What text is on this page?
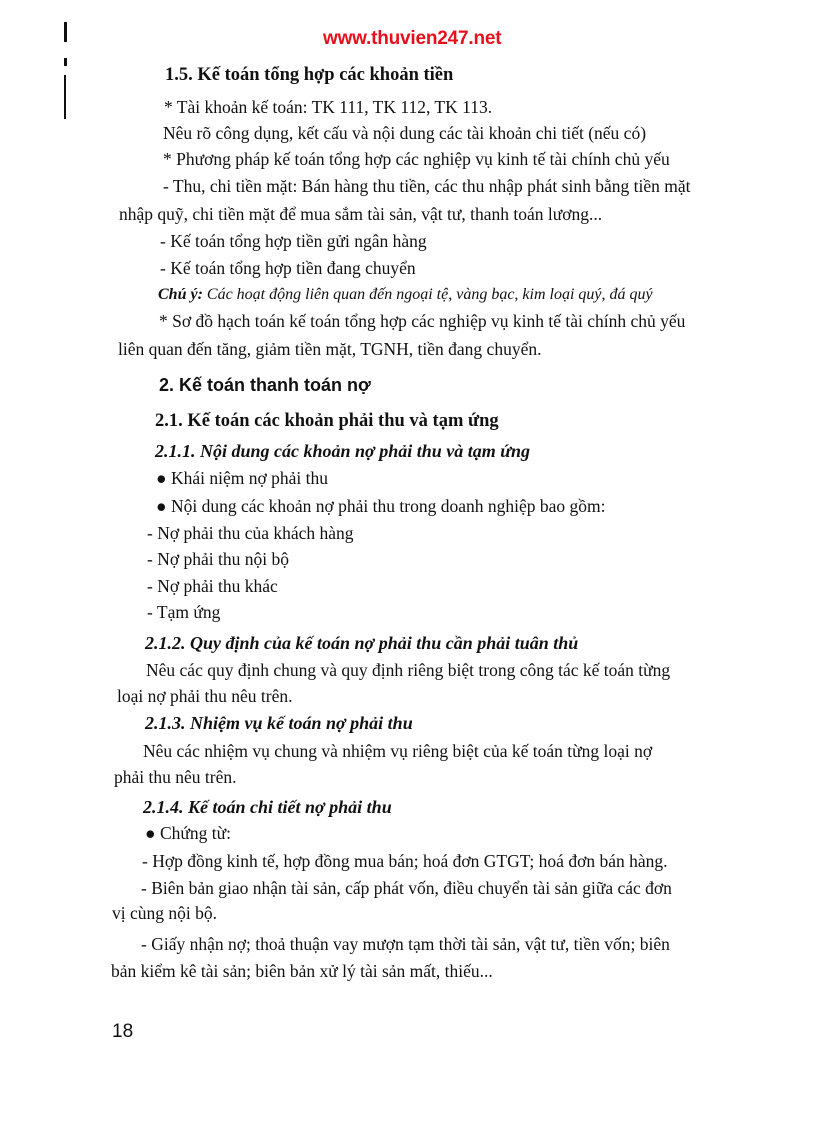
www.thuvien247.net
1.5. Kế toán tổng hợp các khoản tiền
* Tài khoản kế toán: TK 111, TK 112, TK 113.
Nêu rõ công dụng, kết cấu và nội dung các tài khoản chi tiết (nếu có)
* Phương pháp kế toán tổng hợp các nghiệp vụ kinh tế tài chính chủ yếu
- Thu, chi tiền mặt: Bán hàng thu tiền, các thu nhập phát sinh bằng tiền mặt
nhập quỹ, chi tiền mặt để mua sắm tài sản, vật tư, thanh toán lương...
- Kế toán tổng hợp tiền gửi ngân hàng
- Kế toán tổng hợp tiền đang chuyển
Chú ý: Các hoạt động liên quan đến ngoại tệ, vàng bạc, kim loại quý, đá quý
* Sơ đồ hạch toán kế toán tổng hợp các nghiệp vụ kinh tế tài chính chủ yếu
liên quan đến tăng, giảm tiền mặt, TGNH, tiền đang chuyển.
2. Kế toán thanh toán nợ
2.1. Kế toán các khoản phải thu và tạm ứng
2.1.1. Nội dung các khoản nợ phải thu và tạm ứng
● Khái niệm nợ phải thu
● Nội dung các khoản nợ phải thu trong doanh nghiệp bao gồm:
- Nợ phải thu của khách hàng
- Nợ phải thu nội bộ
- Nợ phải thu khác
- Tạm ứng
2.1.2. Quy định của kế toán nợ phải thu cần phải tuân thủ
Nêu các quy định chung và quy định riêng biệt trong công tác kế toán từng
loại nợ phải thu nêu trên.
2.1.3. Nhiệm vụ kế toán nợ phải thu
Nêu các nhiệm vụ chung và nhiệm vụ riêng biệt của kế toán từng loại nợ
phải thu nêu trên.
2.1.4. Kế toán chi tiết nợ phải thu
● Chứng từ:
- Hợp đồng kinh tế, hợp đồng mua bán; hoá đơn GTGT; hoá đơn bán hàng.
- Biên bản giao nhận tài sản, cấp phát vốn, điều chuyển tài sản giữa các đơn
vị cùng nội bộ.
- Giấy nhận nợ; thoả thuận vay mượn tạm thời tài sản, vật tư, tiền vốn; biên
bản kiểm kê tài sản; biên bản xử lý tài sản mất, thiếu...
18
